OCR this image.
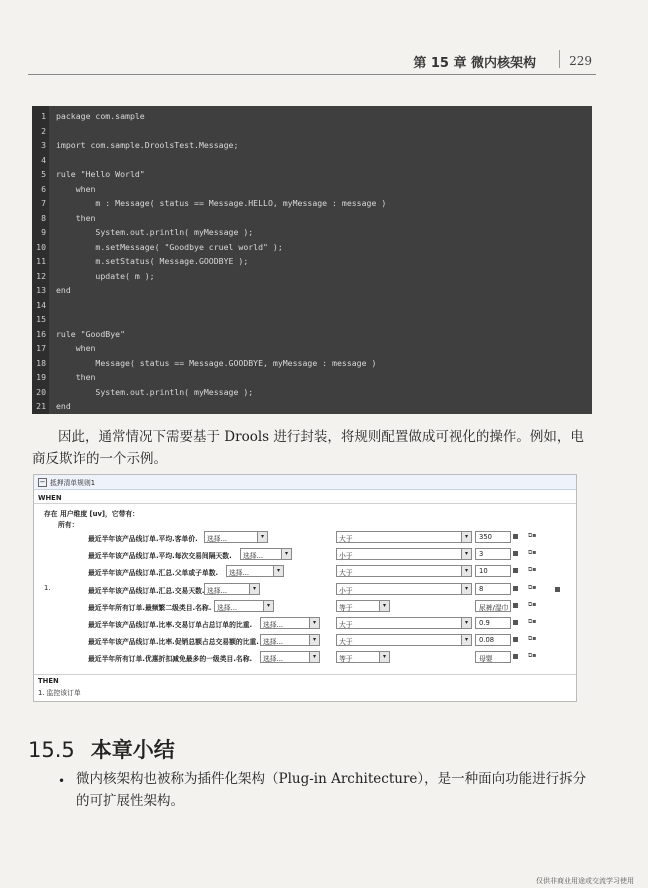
第 15 章 微内核架构	229
1 package com.sample
2
3 import com.sample.DroolsTest.Message;
4
5 rule "Hello World"
6 when
7 m : Message( status == Message.HELLO, myMessage : message )
8 then
9 System.out.println( myMessage );
10 m.setMessage( "Goodbye cruel world" );
11 m.setStatus( Message.GOODBYE );
12 update( m );
13 end
14
15
16 rule "GoodBye"
17 when
18 Message( status == Message.GOODBYE, myMessage : message )
19 then
20 System.out.println( myMessage );
21 end
因此，通常情况下需要基于 Drools 进行封装，将规则配置做成可视化的操作。例如，电商反欺诈的一个示例。
− 抵押清单规则1
WHEN
存在 用户维度 [uv]，它带有：
所有：
1.
THEN
1. 监控该订单
最近半年该产品线订单.平均.客单价. 选择...	▾	大于	▾	350	⧉▪
最近半年该产品线订单.平均.每次交易间隔天数. 选择...	▾	小于	▾	3	⧉▪
最近半年该产品线订单.汇总.父单或子单数. 选择...	▾	大于	▾	10	⧉▪
最近半年该产品线订单.汇总.交易天数. 选择...	▾	小于	▾	8	⧉▪
最近半年所有订单.最频繁二级类目.名称. 选择...	▾	等于	▾	尿裤/湿巾	⧉▪
最近半年该产品线订单.比率.交易订单占总订单的比重. 选择...	▾	大于	▾	0.9	⧉▪
最近半年该产品线订单.比率.促销总额占总交易额的比重. 选择...	▾	大于	▾	0.08	⧉▪
最近半年所有订单.优惠折扣减免最多的一级类目.名称. 选择...	▾	等于	▾	母婴	⧉▪
15.5 本章小结
• 微内核架构也被称为插件化架构（Plug-in Architecture），是一种面向功能进行拆分的可扩展性架构。
仅供非商业用途或交流学习使用
